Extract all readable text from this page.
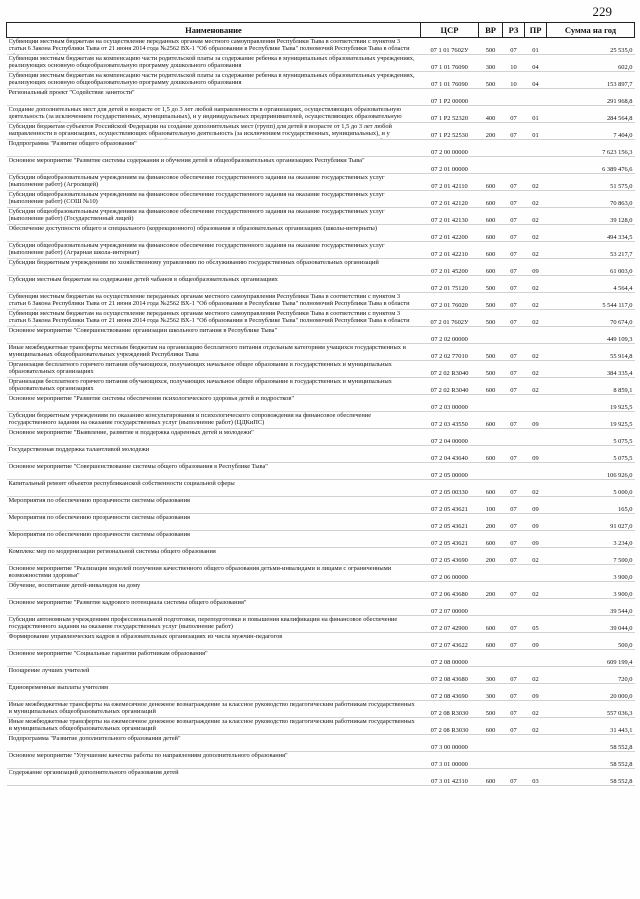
229
Наименование	ЦСР	ВР	РЗ	ПР	Сумма на год

Субвенции местным бюджетам на осуществление переданных органам местного самоуправления Республики Тыва в соответствии с пунктом 3 статьи 6 Закона Республики Тыва от 21 июня 2014 года №2562 ВХ-1 "Об образовании в Республике Тыва" полномочий Республики Тыва в области	07 1 01 7602У	500	07	01	25 535,0

Субвенции местным бюджетам на компенсацию части родительской платы за содержание ребенка в муниципальных образовательных учреждениях, реализующих основную общеобразовательную программу дошкольного образования	07 1 01 76090	300	10	04	602,0

Субвенции местным бюджетам на компенсацию части родительской платы за содержание ребенка в муниципальных образовательных учреждениях, реализующих основную общеобразовательную программу дошкольного образования	07 1 01 76090	500	10	04	153 897,7

Региональный проект "Содействие занятости"	07 1 P2 00000				291 968,8

Создание дополнительных мест для детей в возрасте от 1,5 до 3 лет любой направленности в организациях, осуществляющих образовательную деятельность (за исключением государственных, муниципальных), и у индивидуальных предпринимателей, осуществляющих образовательную	07 1 P2 52320	400	07	01	284 564,8

Субсидии бюджетам субъектов Российской Федерации на создание дополнительных мест (групп) для детей в возрасте от 1,5 до 3 лет любой направленности в организациях, осуществляющих образовательную деятельность (за исключением государственных, муниципальных), и у	07 1 P2 52530	200	07	01	7 404,0

Подпрограмма "Развитие общего образования"	07 2 00 00000				7 623 156,3

Основное мероприятие "Развитие системы содержания и обучения детей в общеобразовательных организациях Республики Тыва"	07 2 01 00000				6 389 476,6

Субсидии общеобразовательным учреждениям на финансовое обеспечение государственного задания на оказание государственных услуг (выполнение работ) (Агролицей)	07 2 01 42110	600	07	02	51 575,0

Субсидии общеобразовательным учреждениям на финансовое обеспечение государственного задания на оказание государственных услуг (выполнение работ) (СОШ №10)	07 2 01 42120	600	07	02	70 863,0

Субсидии общеобразовательным учреждениям на финансовое обеспечение государственного задания на оказание государственных услуг (выполнение работ) (Государственный лицей)	07 2 01 42130	600	07	02	39 128,0

Обеспечение доступности общего и специального (коррекционного) образования в образовательных организациях (школы-интернаты)	07 2 01 42200	600	07	02	494 334,5

Субсидии общеобразовательным учреждениям на финансовое обеспечение государственного задания на оказание государственных услуг (выполнение работ) (Аграрная школа-интернат)	07 2 01 42210	600	07	02	53 217,7

Субсидии бюджетным учреждениям по хозяйственному управлению по обслуживанию государственных образовательных организаций	07 2 01 45200	600	07	09	61 003,0

Субсидии местным бюджетам на содержание детей чабанов в общеобразовательных организациях	07 2 01 75120	500	07	02	4 564,4

Субвенции местным бюджетам на осуществление переданных органам местного самоуправления Республики Тыва в соответствии с пунктом 3 статьи 6 Закона Республики Тыва от 21 июня 2014 года №2562 ВХ-1 "Об образовании в Республике Тыва" полномочий Республики Тыва в области	07 2 01 76020	500	07	02	5 544 117,0

Субвенции местным бюджетам на осуществление переданных органам местного самоуправления Республики Тыва в соответствии с пунктом 3 статьи 6 Закона Республики Тыва от 21 июня 2014 года №2562 ВХ-1 "Об образовании в Республике Тыва" полномочий Республики Тыва в области	07 2 01 7602У	500	07	02	70 674,0

Основное мероприятие "Совершенствование организации школьного питания в Республике Тыва"	07 2 02 00000				449 109,3

Иные межбюджетные трансферты местным бюджетам на организацию бесплатного питания отдельным категориям учащихся государственных и муниципальных общеобразовательных учреждений Республики Тыва	07 2 02 77010	500	07	02	55 914,8

Организация бесплатного горячего питания обучающихся, получающих начальное общее образование в государственных и муниципальных образовательных организациях	07 2 02 R3040	500	07	02	384 335,4

Организация бесплатного горячего питания обучающихся, получающих начальное общее образование в государственных и муниципальных образовательных организациях	07 2 02 R3040	600	07	02	8 859,1

Основное мероприятие "Развитие системы обеспечения психологического здоровья детей и подростков"	07 2 03 00000				19 925,5

Субсидии бюджетным учреждениям по оказанию консультирования и психологического сопровождения на финансовое обеспечение государственного задания на оказание государственных услуг (выполнение работ) (ЦДКиПС)	07 2 03 43550	600	07	09	19 925,5

Основное мероприятие "Выявление, развитие и поддержка одаренных детей и молодежи"	07 2 04 00000				5 075,5

Государственная поддержка талантливой молодежи	07 2 04 43640	600	07	09	5 075,5

Основное мероприятие "Совершенствование системы общего образования в Республике Тыва"	07 2 05 00000				106 926,0

Капитальный ремонт объектов республиканской собственности социальной сферы	07 2 05 00330	600	07	02	5 000,0

Мероприятия по обеспечению прозрачности системы образования	07 2 05 43621	100	07	09	165,0

Мероприятия по обеспечению прозрачности системы образования	07 2 05 43621	200	07	09	91 027,0

Мероприятия по обеспечению прозрачности системы образования	07 2 05 43621	600	07	09	3 234,0

Комплекс мер по модернизации региональной системы общего образования	07 2 05 43690	200	07	02	7 500,0

Основное мероприятие "Реализация моделей получения качественного общего образования детьми-инвалидами и лицами с ограниченными возможностями здоровья"	07 2 06 00000				3 900,0

Обучение, воспитание детей-инвалидов на дому	07 2 06 43680	200	07	02	3 900,0

Основное мероприятие "Развитие кадрового потенциала системы общего образования"	07 2 07 00000				39 544,0

Субсидии автономным учреждениям профессиональной подготовки, переподготовки и повышения квалификации на финансовое обеспечение государственного задания на оказание государственных услуг (выполнение работ)	07 2 07 42900	600	07	05	39 044,0

Формирование управленческих кадров в образовательных организациях из числа мужчин-педагогов	07 2 07 43622	600	07	09	500,0

Основное мероприятие "Социальные гарантии работникам образования"	07 2 08 00000				609 199,4

Поощрение лучших учителей	07 2 08 43680	300	07	02	720,0

Единовременные выплаты учителям	07 2 08 43690	300	07	09	20 000,0

Иные межбюджетные трансферты на ежемесячное денежное вознаграждение за классное руководство педагогическим работникам государственных и муниципальных общеобразовательных организаций	07 2 08 R3030	500	07	02	557 036,3

Иные межбюджетные трансферты на ежемесячное денежное вознаграждение за классное руководство педагогическим работникам государственных и муниципальных общеобразовательных организаций	07 2 08 R3030	600	07	02	31 443,1

Подпрограмма "Развитие дополнительного образования детей"	07 3 00 00000				58 552,8

Основное мероприятие "Улучшение качества работы по направлениям дополнительного образования"	07 3 01 00000				58 552,8

Содержание организаций дополнительного образования детей	07 3 01 42310	600	07	03	58 552,8
